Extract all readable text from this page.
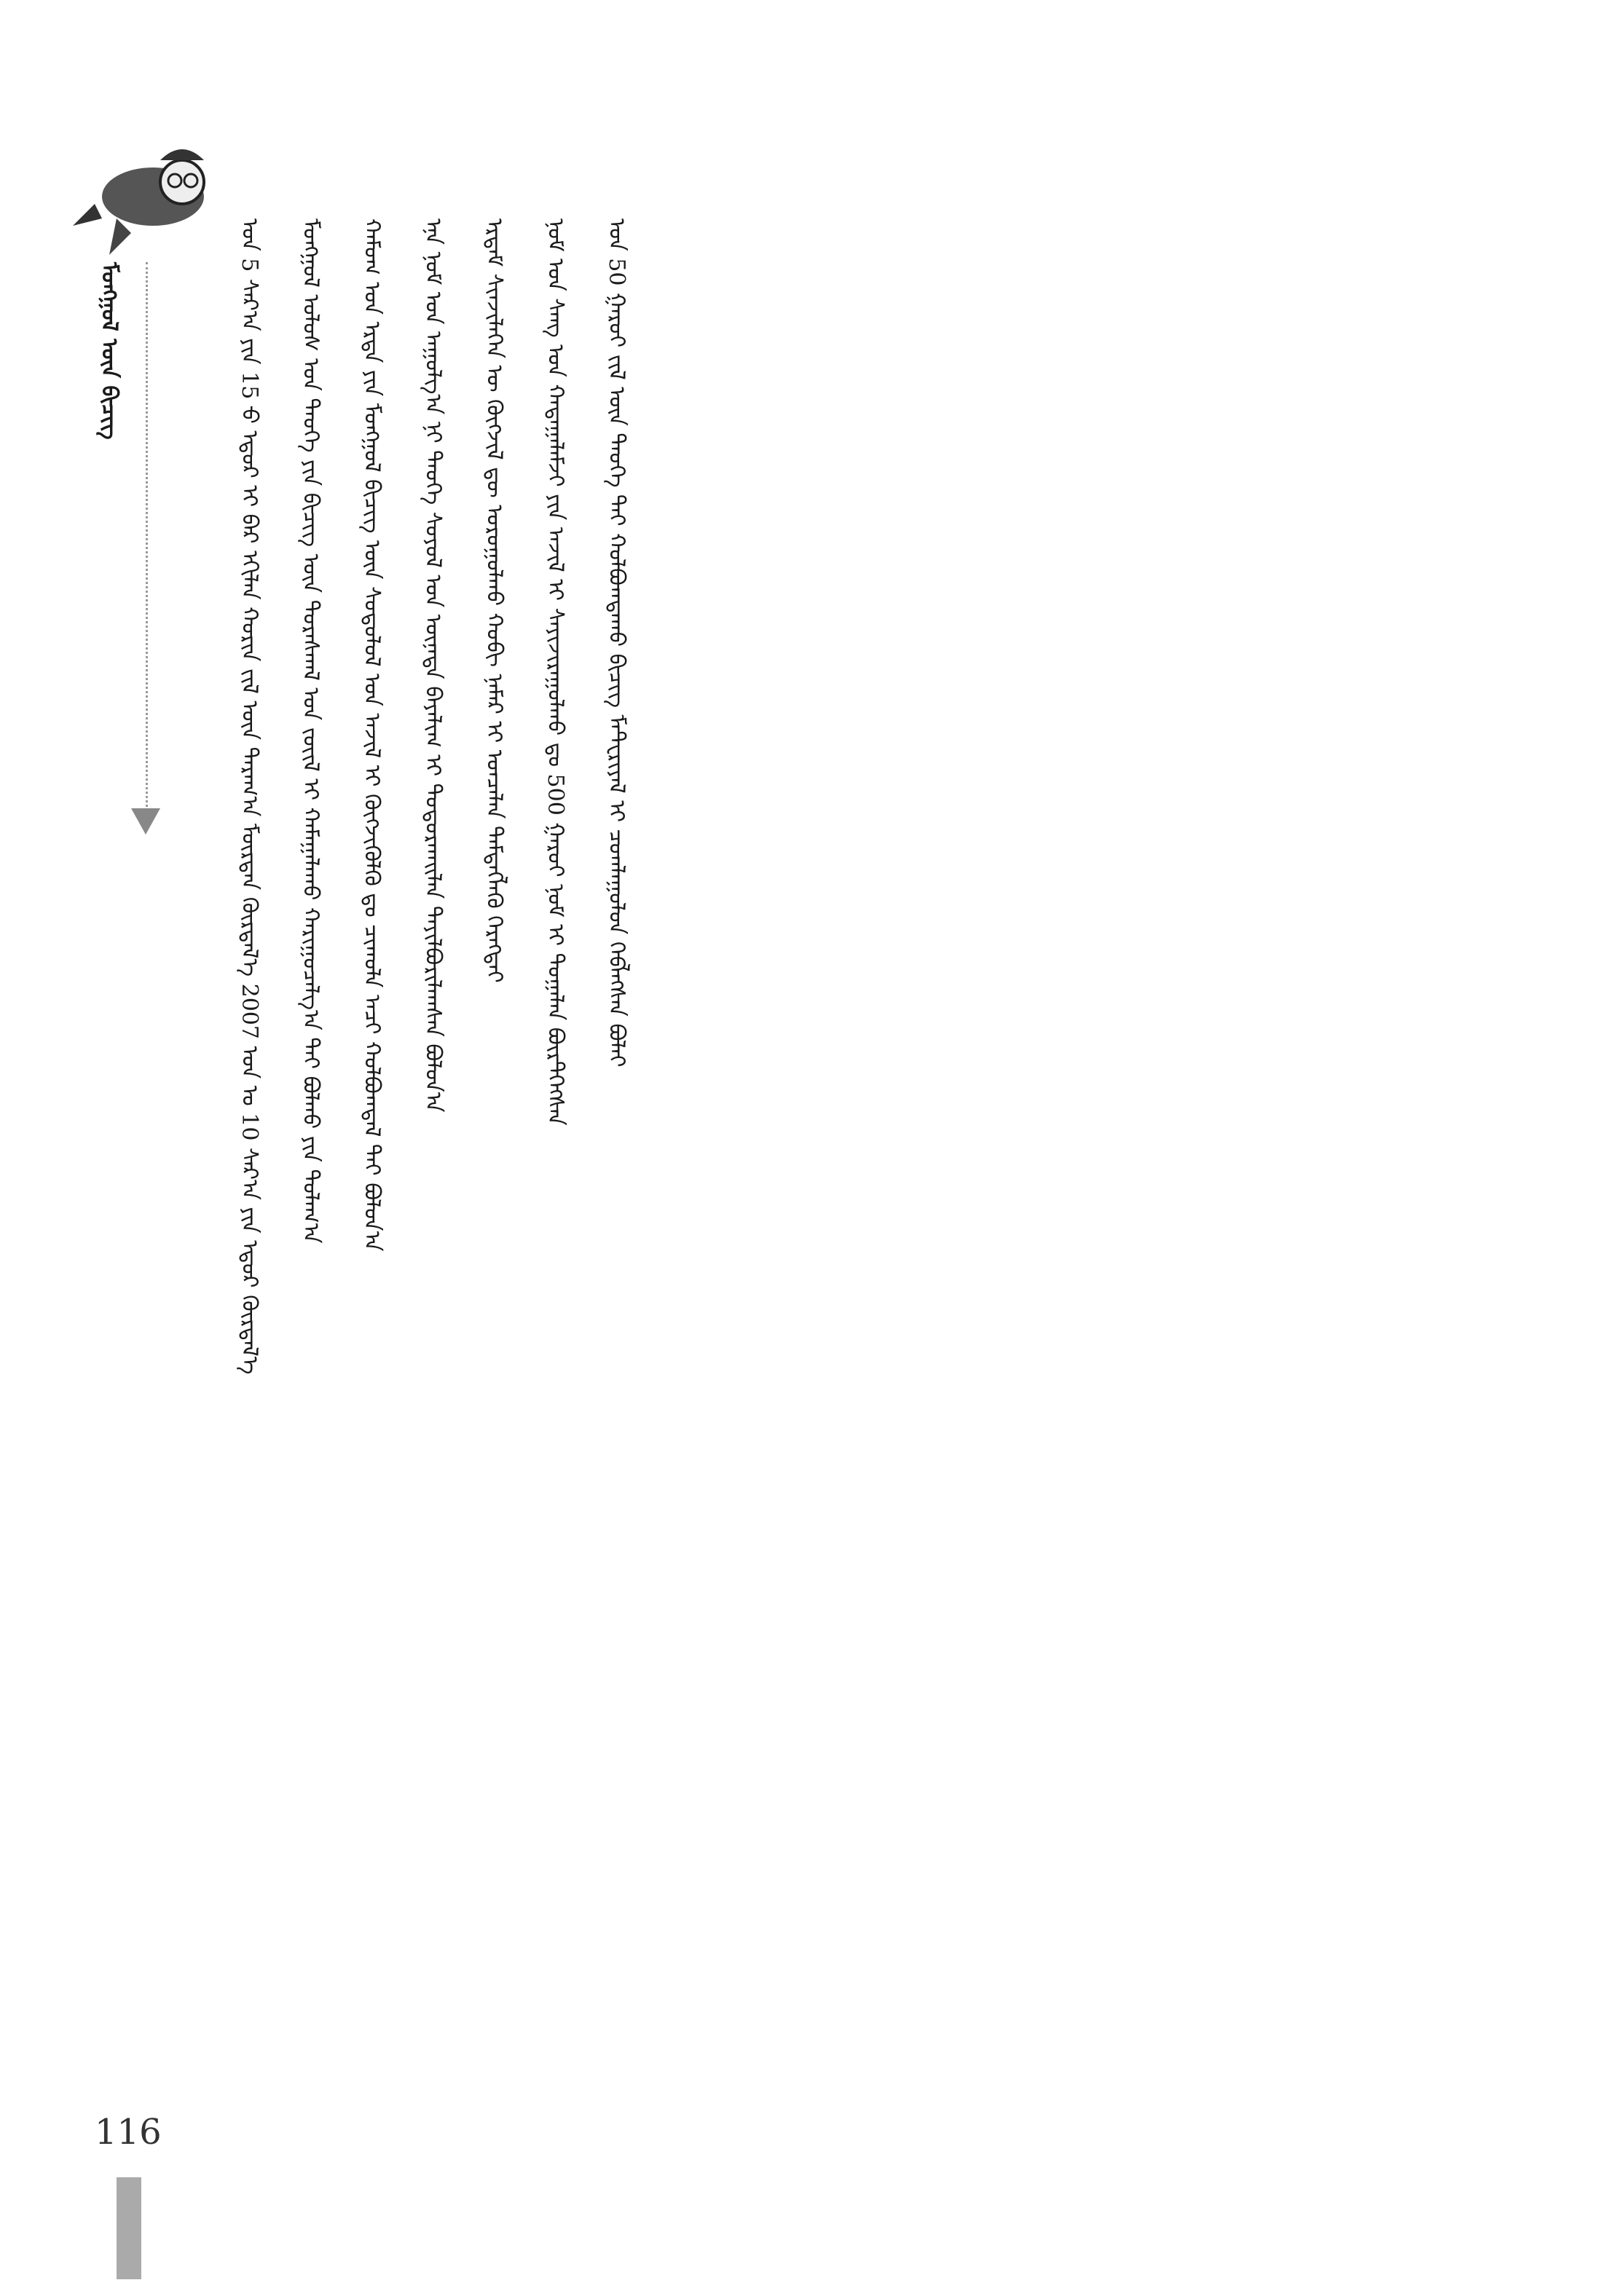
ᠮᠣᠩᠭᠣᠯ ᠦᠨ ᠪᠢᠴᠢᠭ	ᠣᠨ 5 ᠰᠠᠷ᠎ᠠ ᠶᠢᠨ 15 ᠊ᠤ ᠡᠳᠦᠷ ᠢ ᠪᠠᠷ ᠡᠬᠢᠯᠡᠨ ᠬᠣᠷᠢᠨ ᠵᠢᠯ ᠦᠨ ᠳᠠᠷᠠᠭ᠎ᠠ ᠮᠥᠷᠳᠡᠨ ᠬᠦᠷᠲᠡᠯ᠎ᠡ 2007 ᠣᠨ ᠤ 10 ᠰᠠᠷ᠎ᠠ ᠶᠢᠨ ᠡᠳᠦᠷ ᠬᠦᠷᠲᠡᠯ᠎ᠡ	ᠮᠣᠩᠭᠣᠯ ᠤᠯᠤᠰ ᠤᠨ ᠲᠡᠦᠬᠡ ᠶᠢᠨ ᠪᠢᠴᠢᠭ ᠦᠨ ᠳᠤᠷᠠᠰᠬᠠᠯ ᠤᠨ ᠵᠦᠢᠯ ᠢ ᠬᠠᠮᠠᠭᠠᠯᠠᠬᠤ ᠬᠠᠷᠢᠭᠤᠴᠠᠯᠭ᠎ᠠ ᠲᠠᠢ ᠪᠣᠯᠬᠤ ᠶᠢᠨ ᠲᠤᠯᠠᠭ᠎ᠠ	ᠬᠠᠮᠤᠭ ᠤᠨ ᠡᠷᠲᠡ ᠶᠢᠨ ᠮᠣᠩᠭᠣᠯ ᠪᠢᠴᠢᠭ ᠦᠨ ᠰᠤᠳᠤᠯᠤᠯ ᠤᠨ ᠠᠵᠢᠯ ᠢ ᠬᠥᠭᠵᠢᠭᠦᠯᠬᠦ ᠳᠤ ᠴᠢᠬᠤᠯᠠ ᠠᠴᠢ ᠬᠣᠯᠪᠣᠭᠳᠠᠯ ᠲᠠᠢ ᠪᠣᠯᠤᠨ᠎ᠠ	ᠡᠨᠡ ᠨᠣᠮ ᠤᠨ ᠠᠭᠤᠯᠭ᠎ᠠ ᠨᠢ ᠲᠡᠦᠬᠡ ᠰᠣᠶᠣᠯ ᠤᠨ ᠦᠨᠡᠲᠡ ᠪᠠᠶᠠᠯᠢᠭ ᠢ ᠲᠣᠳᠤᠷᠬᠠᠢᠯᠠᠨ ᠲᠠᠶᠢᠯᠪᠤᠷᠢᠯᠠᠭᠰᠠᠨ ᠪᠣᠯᠤᠨ᠎ᠠ	ᠡᠷᠳᠡᠮ ᠰᠢᠨᠵᠢᠯᠡᠭᠡᠨ ᠦ ᠬᠥᠭᠵᠢᠯ ᠳᠦ ᠣᠷᠣᠭᠤᠯᠬᠤ ᠬᠤᠪᠢ ᠨᠡᠮᠡᠷ ᠢ ᠣᠨᠴᠠᠯᠠᠨ ᠲᠡᠮᠳᠡᠭᠯᠡᠬᠦ ᠬᠡᠷᠡᠭᠲᠡᠢ	ᠨᠣᠮ ᠤᠨ ᠰᠠᠩ ᠤᠨ ᠬᠠᠳᠠᠭᠠᠯᠠᠮᠵᠢ ᠶᠢᠨ ᠠᠵᠢᠯ ᠢ ᠰᠠᠶᠢᠵᠢᠷᠠᠭᠤᠯᠬᠤ ᠳᠤ 500 ᠭᠠᠷᠤᠢ ᠨᠣᠮ ᠢ ᠲᠣᠭᠠᠯᠠᠨ ᠪᠦᠷᠲᠭᠡᠭᠰᠡᠨ	ᠣᠨ 50 ᠭᠠᠷᠤᠢ ᠵᠢᠯ ᠦᠨ ᠲᠡᠦᠬᠡ ᠲᠠᠢ ᠬᠣᠯᠪᠣᠭᠳᠠᠬᠤ ᠪᠢᠴᠢᠭ ᠮᠠᠲ᠋ᠸᠷᠢᠶᠠᠯ ᠢ ᠴᠤᠭᠯᠠᠭᠤᠯᠤᠨ ᠬᠡᠪᠯᠡᠭᠰᠡᠨ ᠪᠣᠯᠠᠢ

116
